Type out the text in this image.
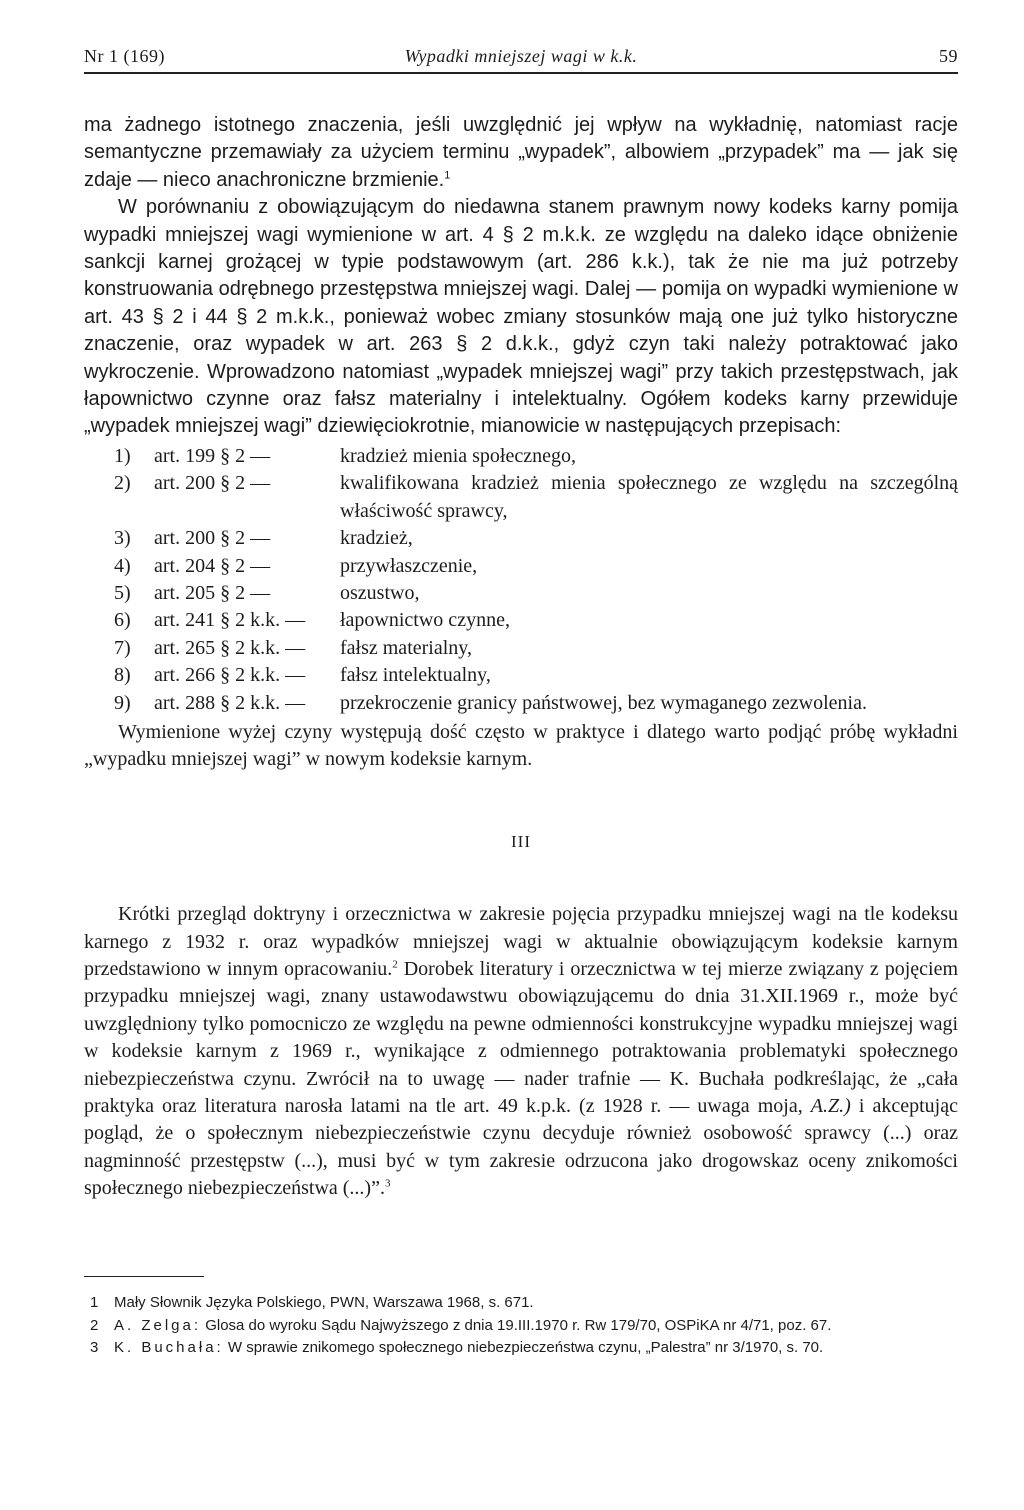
Nr 1 (169)	Wypadki mniejszej wagi w k.k.	59

ma żadnego istotnego znaczenia, jeśli uwzględnić jej wpływ na wykładnię, natomiast racje semantyczne przemawiały za użyciem terminu „wypadek”, albowiem „przypadek” ma — jak się zdaje — nieco anachroniczne brzmienie.$^1$

W porównaniu z obowiązującym do niedawna stanem prawnym nowy kodeks karny pomija wypadki mniejszej wagi wymienione w art. 4 § 2 m.k.k. ze względu na daleko idące obniżenie sankcji karnej grożącej w typie podstawowym (art. 286 k.k.), tak że nie ma już potrzeby konstruowania odrębnego przestępstwa mniejszej wagi. Dalej — pomija on wypadki wymienione w art. 43 § 2 i 44 § 2 m.k.k., ponieważ wobec zmiany stosunków mają one już tylko historyczne znaczenie, oraz wypadek w art. 263 § 2 d.k.k., gdyż czyn taki należy potraktować jako wykroczenie. Wprowadzono natomiast „wypadek mniejszej wagi” przy takich przestępstwach, jak łapownictwo czynne oraz fałsz materialny i intelektualny. Ogółem kodeks karny przewiduje „wypadek mniejszej wagi” dziewięciokrotnie, mianowicie w następujących przepisach:

1)	art. 199 § 2 —	kradzież mienia społecznego,
2)	art. 200 § 2 —	kwalifikowana kradzież mienia społecznego ze względu na szczególną właściwość sprawcy,
3)	art. 200 § 2 —	kradzież,
4)	art. 204 § 2 —	przywłaszczenie,
5)	art. 205 § 2 —	oszustwo,
6)	art. 241 § 2 k.k. —	łapownictwo czynne,
7)	art. 265 § 2 k.k. —	fałsz materialny,
8)	art. 266 § 2 k.k. —	fałsz intelektualny,
9)	art. 288 § 2 k.k. —	przekroczenie granicy państwowej, bez wymaganego zezwolenia.

Wymienione wyżej czyny występują dość często w praktyce i dlatego warto podjąć próbę wykładni „wypadku mniejszej wagi” w nowym kodeksie karnym.

III

Krótki przegląd doktryny i orzecznictwa w zakresie pojęcia przypadku mniejszej wagi na tle kodeksu karnego z 1932 r. oraz wypadków mniejszej wagi w aktualnie obowiązującym kodeksie karnym przedstawiono w innym opracowaniu.$^2$ Dorobek literatury i orzecznictwa w tej mierze związany z pojęciem przypadku mniejszej wagi, znany ustawodawstwu obowiązującemu do dnia 31.XII.1969 r., może być uwzględniony tylko pomocniczo ze względu na pewne odmienności konstrukcyjne wypadku mniejszej wagi w kodeksie karnym z 1969 r., wynikające z odmiennego potraktowania problematyki społecznego niebezpieczeństwa czynu. Zwrócił na to uwagę — nader trafnie — K. Buchała podkreślając, że „cała praktyka oraz literatura narosła latami na tle art. 49 k.p.k. (z 1928 r. — uwaga moja, A.Z.) i akceptując pogląd, że o społecznym niebezpieczeństwie czynu decyduje również osobowość sprawcy (...) oraz nagminność przestępstw (...), musi być w tym zakresie odrzucona jako drogowskaz oceny znikomości społecznego niebezpieczeństwa (...)”.$^3$

1 Mały Słownik Języka Polskiego, PWN, Warszawa 1968, s. 671.

2 A. Zelga: Glosa do wyroku Sądu Najwyższego z dnia 19.III.1970 r. Rw 179/70, OSPiKA nr 4/71, poz. 67.

3 K. Buchała: W sprawie znikomego społecznego niebezpieczeństwa czynu, „Palestra” nr 3/1970, s. 70.
